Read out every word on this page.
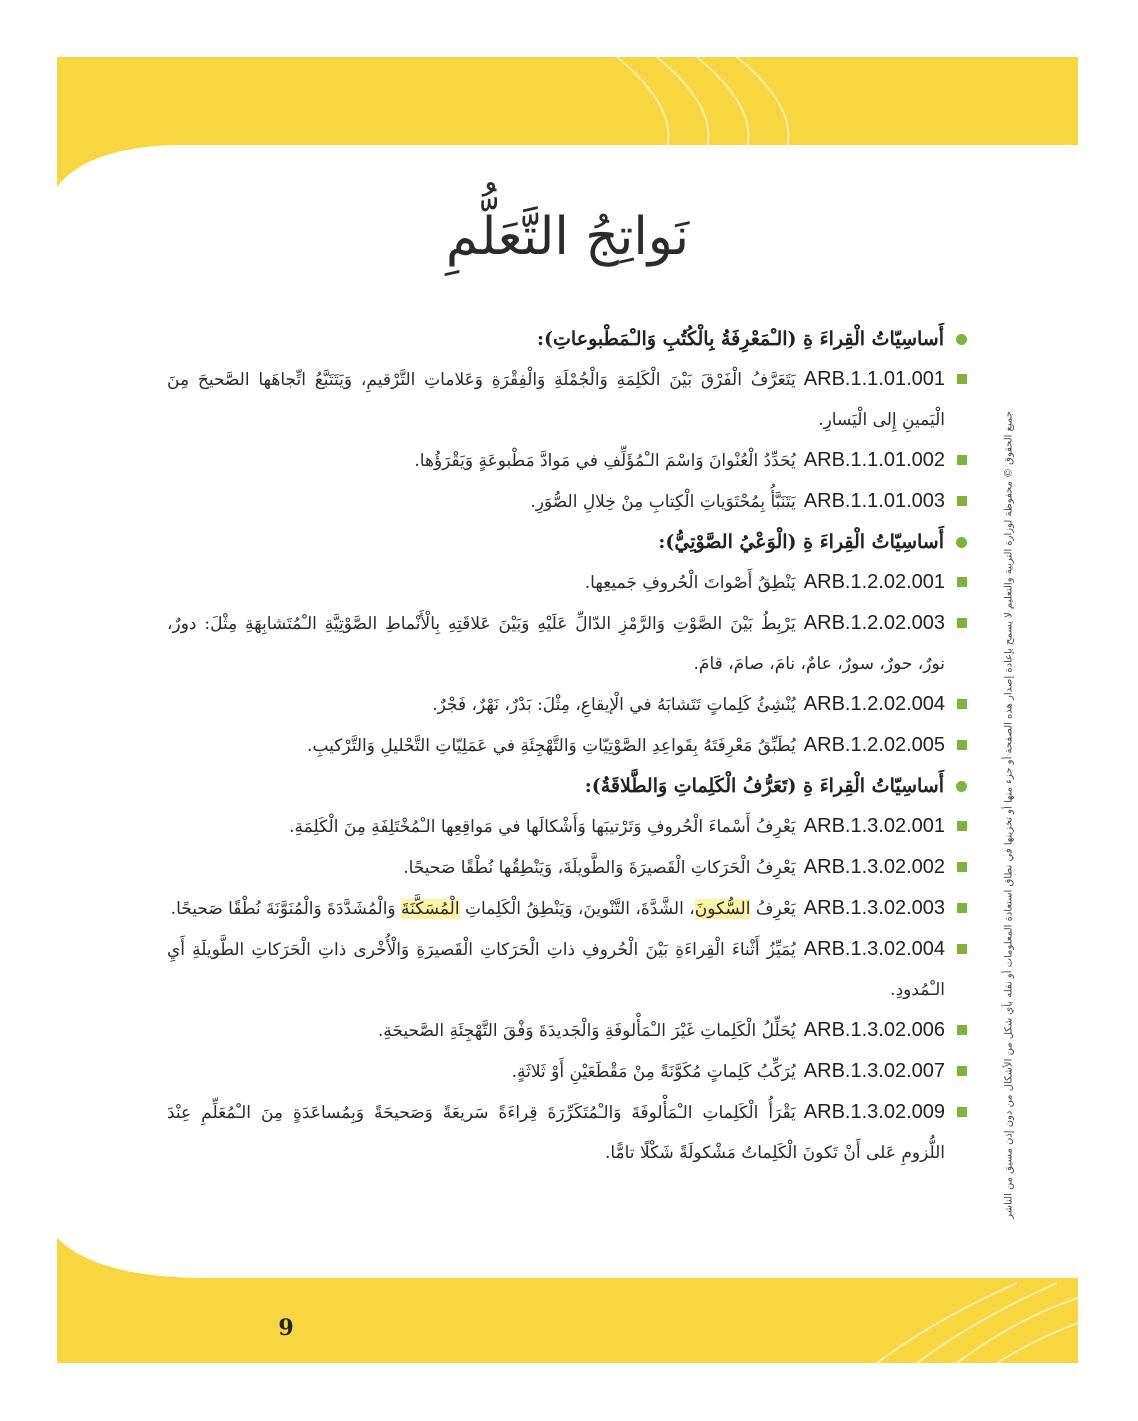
نَواتِجُ التَّعَلُّمِ
أَساسِيّاتُ الْقِراءَ ةِ (الـْمَعْرِفَةُ بِالْكُتُبِ وَالـْمَطْبوعاتِ):
ARB.1.1.01.001يَتَعَرَّفُ الْفَرْقَ بَيْنَ الْكَلِمَةِ وَالْجُمْلَةِ وَالْفِقْرَةِ وَعَلاماتِ التَّرْقيمِ، وَيَتَتَبَّعُ اتِّجاهَها الصَّحيحَ مِنَ الْيَمينِ إِلى الْيَسارِ.
ARB.1.1.01.002يُحَدِّدُ الْعُنْوانَ وَاسْمَ الـْمُؤَلِّفِ في مَوادَّ مَطْبوعَةٍ وَيَقْرَؤُها.
ARB.1.1.01.003يَتَنَبَّأُ بِمُحْتَوَياتِ الْكِتابِ مِنْ خِلالِ الصُّوَرِ.
أَساسِيّاتُ الْقِراءَ ةِ (الْوَعْيُ الصَّوْتِيُّ):
ARB.1.2.02.001يَنْطِقُ أَصْواتَ الْحُروفِ جَميعِها.
ARB.1.2.02.003يَرْبِطُ بَيْنَ الصَّوْتِ وَالرَّمْزِ الدّالِّ عَلَيْهِ وَبَيْنَ عَلاقَتِهِ بِالْأَنْماطِ الصَّوْتِيَّةِ الـْمُتَشابِهَةِ مِثْلَ: دورٌ، نورٌ، حورٌ، سورٌ، عامٌ، نامَ، صامَ، قامَ.
ARB.1.2.02.004يُنْشِئُ كَلِماتٍ تَتَشابَهُ في الْإيقاعِ، مِثْلَ: بَدْرٌ، نَهْرٌ، فَجْرٌ.
ARB.1.2.02.005يُطَبِّقُ مَعْرِفَتَهُ بِقَواعِدِ الصَّوْتِيّاتِ وَالتَّهْجِئَةِ في عَمَلِيّاتِ التَّحْليلِ وَالتَّرْكيبِ.
أَساسِيّاتُ الْقِراءَ ةِ (تَعَرُّفُ الْكَلِماتِ وَالطَّلاقَةُ):
ARB.1.3.02.001يَعْرِفُ أَسْماءَ الْحُروفِ وَتَرْتيبَها وَأَشْكالَها في مَواقِعِها الـْمُخْتَلِفَةِ مِنَ الْكَلِمَةِ.
ARB.1.3.02.002يَعْرِفُ الْحَرَكاتِ الْقَصيرَةَ وَالطَّويلَةَ، وَيَنْطِقُها نُطْقًا صَحيحًا.
ARB.1.3.02.003يَعْرِفُ السُّكونَ، الشَّدَّةَ، التَّنْوينَ، وَيَنْطِقُ الْكَلِماتِ الْمُسَكَّنَةَ وَالْمُشَدَّدَةَ وَالْمُنَوَّنَةَ نُطْقًا صَحيحًا.
ARB.1.3.02.004يُمَيِّزُ أَثْناءَ الْقِراءَةِ بَيْنَ الْحُروفِ ذاتِ الْحَرَكاتِ الْقَصيرَةِ وَالْأُخْرى ذاتِ الْحَرَكاتِ الطَّويلَةِ أَيِ الـْمُدودِ.
ARB.1.3.02.006يُحَلِّلُ الْكَلِماتِ غَيْرَ الـْمَأْلوفَةِ وَالْجَديدَةَ وَفْقَ التَّهْجِئَةِ الصَّحيحَةِ.
ARB.1.3.02.007يُرَكِّبُ كَلِماتٍ مُكَوَّنَةً مِنْ مَقْطَعَيْنِ أَوْ ثَلاثَةٍ.
ARB.1.3.02.009يَقْرَأُ الْكَلِماتِ الـْمَأْلوفَةَ وَالـْمُتَكَرِّرَةَ قِراءَةً سَريعَةً وَصَحيحَةً وَبِمُساعَدَةٍ مِنَ الـْمُعَلِّمِ عِنْدَ اللُّزومِ عَلى أَنْ تَكونَ الْكَلِماتُ مَشْكولَةً شَكْلًا تامًّا.	جميع الحقوق © محفوظة لوزارة التربية والتعليم لا يسمح بإعادة إصدار هذه الصفحة أو جزء منها أو تخزينها في نطاق استعادة المعلومات أو نقله بأي شكل من الأشكال من دون إذن مسبق من الناشر
9
